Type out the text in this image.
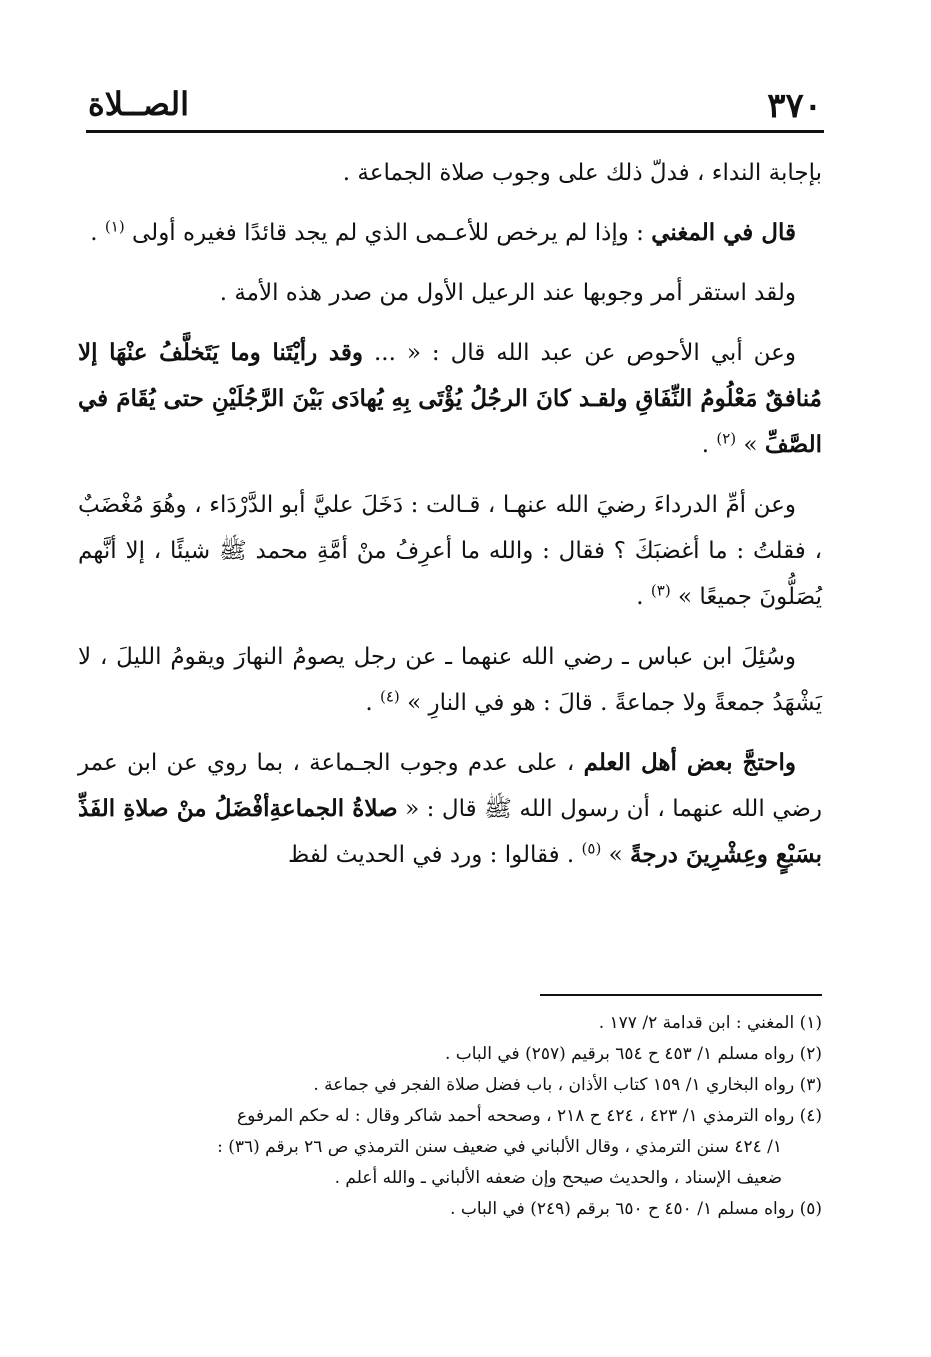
٣٧٠
الصــلاة

بإجابة النداء ، فدلّ ذلك على وجوب صلاة الجماعة .

قال في المغني : وإذا لم يرخص للأعـمى الذي لم يجد قائدًا فغيره أولى $^{(١)}$ .

ولقد استقر أمر وجوبها عند الرعيل الأول من صدر هذه الأمة .

وعن أبي الأحوص عن عبد الله قال : « ... وقد رأيْتَنا وما يَتَخلَّفُ عنْهَا إلا مُنافقٌ مَعْلُومُ النِّفَاقِ ولقـد كانَ الرجُلُ يُؤْتَى بِهِ يُهادَى بَيْنَ الرَّجُلَيْنِ حتى يُقَامَ في الصَّفِّ » $^{(٢)}$ .

وعن أمِّ الدرداءَ رضيَ الله عنهـا ، قـالت : دَخَلَ عليَّ أبو الدَّرْدَاء ، وهُوَ مُغْضَبٌ ، فقلتُ : ما أغضبَكَ ؟ فقال : والله ما أعرِفُ منْ أمَّةِ محمد ﷺ شيئًا ، إلا أنَّهم يُصَلُّونَ جميعًا » $^{(٣)}$ .

وسُئِلَ ابن عباس ـ رضي الله عنهما ـ عن رجل يصومُ النهارَ ويقومُ الليلَ ، لا يَشْهَدُ جمعةً ولا جماعةً . قالَ : هو في النارِ » $^{(٤)}$ .

واحتجَّ بعض أهل العلم ، على عدم وجوب الجـماعة ، بما روي عن ابن عمر رضي الله عنهما ، أن رسول الله ﷺ قال : « صلاةُ الجماعةِأفْضَلُ منْ صلاةِ الفَذِّ بسَبْعٍ وعِشْرِينَ درجةً » $^{(٥)}$ . فقالوا : ورد في الحديث لفظ

(١) المغني : ابن قدامة ٢/ ١٧٧ .

(٢) رواه مسلم ١/ ٤٥٣ ح ٦٥٤ برقيم (٢٥٧) في الباب .

(٣) رواه البخاري ١/ ١٥٩ كتاب الأذان ، باب فضل صلاة الفجر في جماعة .

(٤) رواه الترمذي ١/ ٤٢٣ ، ٤٢٤ ح ٢١٨ ، وصححه أحمد شاكر وقال : له حكم المرفوع

١/ ٤٢٤ سنن الترمذي ، وقال الألباني في ضعيف سنن الترمذي ص ٢٦ برقم (٣٦) :

ضعيف الإسناد ، والحديث صيحح وإن ضعفه الألباني ـ والله أعلم .

(٥) رواه مسلم ١/ ٤٥٠ ح ٦٥٠ برقم (٢٤٩) في الباب .
